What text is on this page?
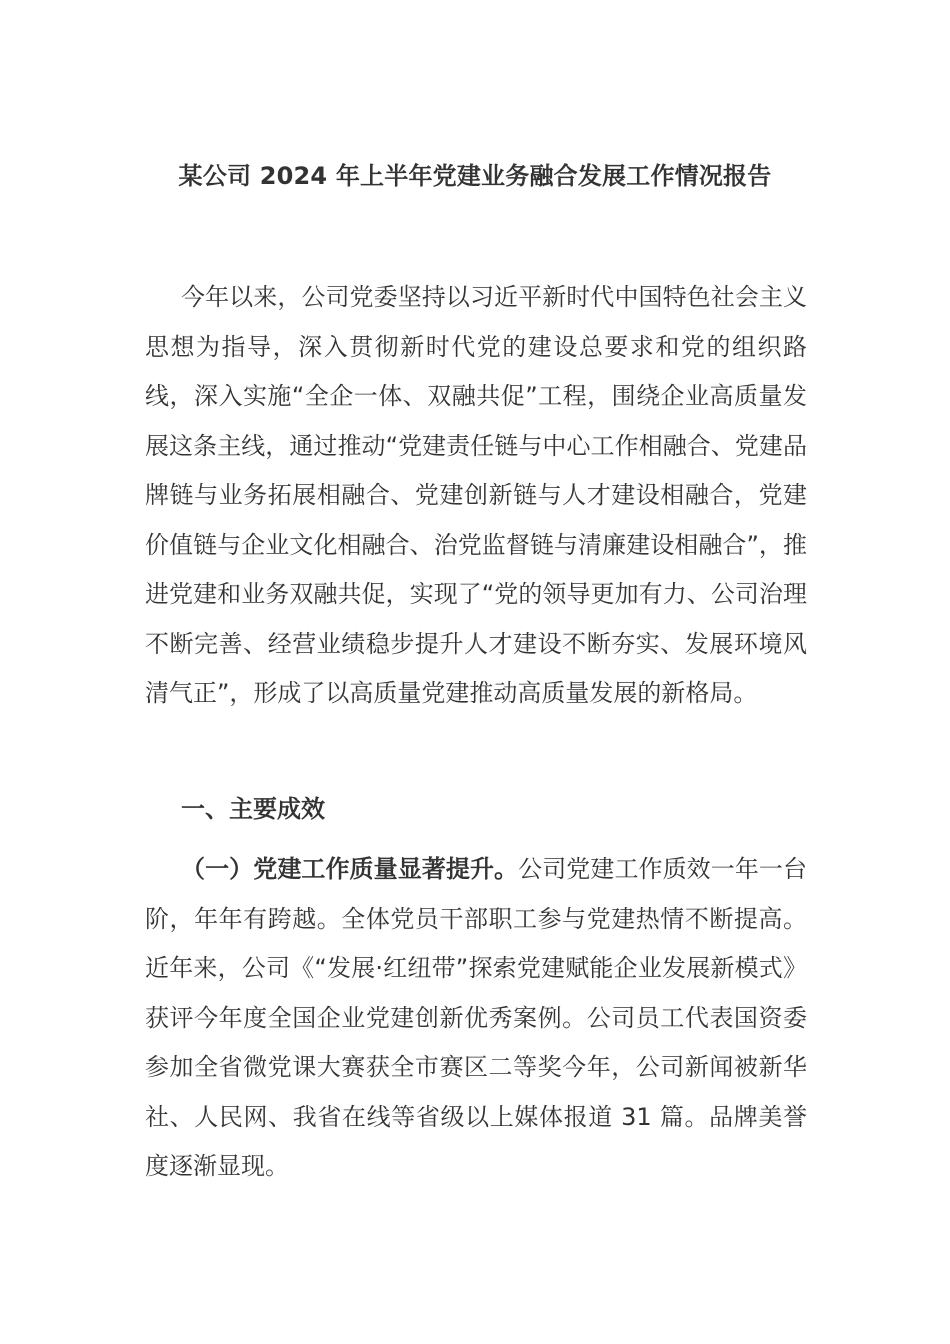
某公司 2024 年上半年党建业务融合发展工作情况报告

今年以来，公司党委坚持以习近平新时代中国特色社会主义思想为指导，深入贯彻新时代党的建设总要求和党的组织路线，深入实施“全企一体、双融共促”工程，围绕企业高质量发展这条主线，通过推动“党建责任链与中心工作相融合、党建品牌链与业务拓展相融合、党建创新链与人才建设相融合，党建价值链与企业文化相融合、治党监督链与清廉建设相融合”，推进党建和业务双融共促，实现了“党的领导更加有力、公司治理不断完善、经营业绩稳步提升人才建设不断夯实、发展环境风清气正”，形成了以高质量党建推动高质量发展的新格局。

一、主要成效

（一）党建工作质量显著提升。公司党建工作质效一年一台阶，年年有跨越。全体党员干部职工参与党建热情不断提高。近年来，公司《“发展·红纽带”探索党建赋能企业发展新模式》获评今年度全国企业党建创新优秀案例。公司员工代表国资委参加全省微党课大赛获全市赛区二等奖今年，公司新闻被新华社、人民网、我省在线等省级以上媒体报道 31 篇。品牌美誉度逐渐显现。
